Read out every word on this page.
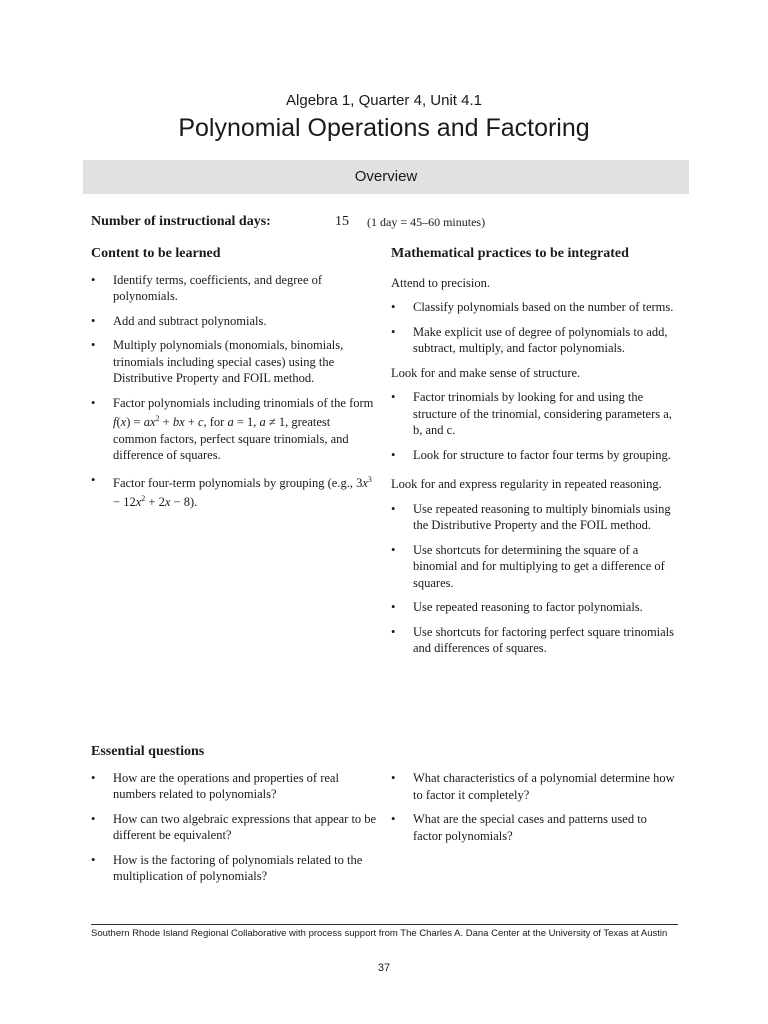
Algebra 1, Quarter 4, Unit 4.1
Polynomial Operations and Factoring
Overview
Number of instructional days:	15 (1 day = 45–60 minutes)
Content to be learned
• Identify terms, coefficients, and degree of polynomials.
• Add and subtract polynomials.
• Multiply polynomials (monomials, binomials, trinomials including special cases) using the Distributive Property and FOIL method.
• Factor polynomials including trinomials of the form $f(x) = ax^2$ + bx + c, for a = 1, a ≠ 1, greatest common factors, perfect square trinomials, and difference of squares.
• Factor four-term polynomials by grouping (e.g., $3x^3 - 12x^2 + 2x - 8$).
Mathematical practices to be integrated

Attend to precision.

• Classify polynomials based on the number of terms.
• Make explicit use of degree of polynomials to add, subtract, multiply, and factor polynomials.

Look for and make sense of structure.

• Factor trinomials by looking for and using the structure of the trinomial, considering parameters a, b, and c.
• Look for structure to factor four terms by grouping.

Look for and express regularity in repeated reasoning.

• Use repeated reasoning to multiply binomials using the Distributive Property and the FOIL method.
• Use shortcuts for determining the square of a binomial and for multiplying to get a difference of squares.
• Use repeated reasoning to factor polynomials.
• Use shortcuts for factoring perfect square trinomials and differences of squares.
Essential questions
• How are the operations and properties of real numbers related to polynomials?
• How can two algebraic expressions that appear to be different be equivalent?
• How is the factoring of polynomials related to the multiplication of polynomials?
• What characteristics of a polynomial determine how to factor it completely?
• What are the special cases and patterns used to factor polynomials?
Southern Rhode Island Regional Collaborative with process support from The Charles A. Dana Center at the University of Texas at Austin
37
